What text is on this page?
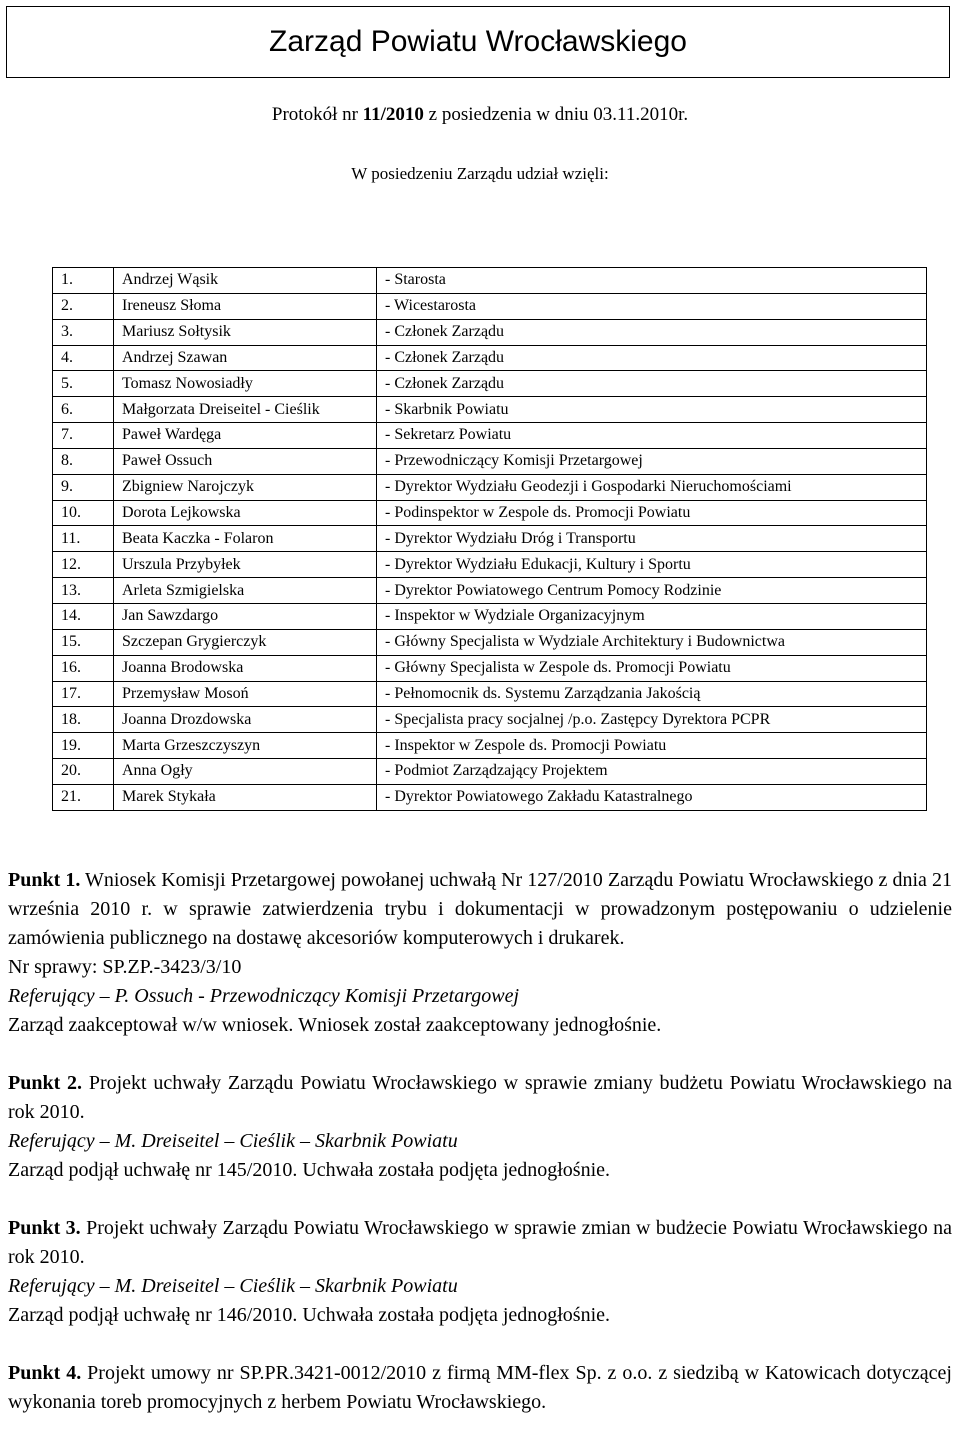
Zarząd Powiatu Wrocławskiego
Protokół nr 11/2010 z posiedzenia w dniu 03.11.2010r.
W posiedzeniu Zarządu udział wzięli:
1.	Andrzej Wąsik	- Starosta
2.	Ireneusz Słoma	- Wicestarosta
3.	Mariusz Sołtysik	- Członek Zarządu
4.	Andrzej Szawan	- Członek Zarządu
5.	Tomasz Nowosiadły	- Członek Zarządu
6.	Małgorzata Dreiseitel - Cieślik	- Skarbnik Powiatu
7.	Paweł Wardęga	- Sekretarz Powiatu
8.	Paweł Ossuch	- Przewodniczący Komisji Przetargowej
9.	Zbigniew Narojczyk	- Dyrektor Wydziału Geodezji i Gospodarki Nieruchomościami
10.	Dorota Lejkowska	- Podinspektor w Zespole ds. Promocji Powiatu
11.	Beata Kaczka - Folaron	- Dyrektor Wydziału Dróg i Transportu
12.	Urszula Przybyłek	- Dyrektor Wydziału Edukacji, Kultury i Sportu
13.	Arleta Szmigielska	- Dyrektor Powiatowego Centrum Pomocy Rodzinie
14.	Jan Sawzdargo	- Inspektor w Wydziale Organizacyjnym
15.	Szczepan Grygierczyk	- Główny Specjalista w Wydziale Architektury i Budownictwa
16.	Joanna Brodowska	- Główny Specjalista w Zespole ds. Promocji Powiatu
17.	Przemysław Mosoń	- Pełnomocnik ds. Systemu Zarządzania Jakością
18.	Joanna Drozdowska	- Specjalista pracy socjalnej /p.o. Zastępcy Dyrektora PCPR
19.	Marta Grzeszczyszyn	- Inspektor w Zespole ds. Promocji Powiatu
20.	Anna Ogły	- Podmiot Zarządzający Projektem
21.	Marek Stykała	- Dyrektor Powiatowego Zakładu Katastralnego

Punkt 1. Wniosek Komisji Przetargowej powołanej uchwałą Nr 127/2010 Zarządu Powiatu Wrocławskiego z dnia 21 września 2010 r. w sprawie zatwierdzenia trybu i dokumentacji w prowadzonym postępowaniu o udzielenie zamówienia publicznego na dostawę akcesoriów komputerowych i drukarek.

Nr sprawy: SP.ZP.-3423/3/10

Referujący – P. Ossuch - Przewodniczący Komisji Przetargowej

Zarząd zaakceptował w/w wniosek. Wniosek został zaakceptowany jednogłośnie.

Punkt 2. Projekt uchwały Zarządu Powiatu Wrocławskiego w sprawie zmiany budżetu Powiatu Wrocławskiego na rok 2010.

Referujący – M. Dreiseitel – Cieślik – Skarbnik Powiatu

Zarząd podjął uchwałę nr 145/2010. Uchwała została podjęta jednogłośnie.

Punkt 3. Projekt uchwały Zarządu Powiatu Wrocławskiego w sprawie zmian w budżecie Powiatu Wrocławskiego na rok 2010.

Referujący – M. Dreiseitel – Cieślik – Skarbnik Powiatu

Zarząd podjął uchwałę nr 146/2010. Uchwała została podjęta jednogłośnie.

Punkt 4. Projekt umowy nr SP.PR.3421-0012/2010 z firmą MM-flex Sp. z o.o. z siedzibą w Katowicach dotyczącej wykonania toreb promocyjnych z herbem Powiatu Wrocławskiego.
